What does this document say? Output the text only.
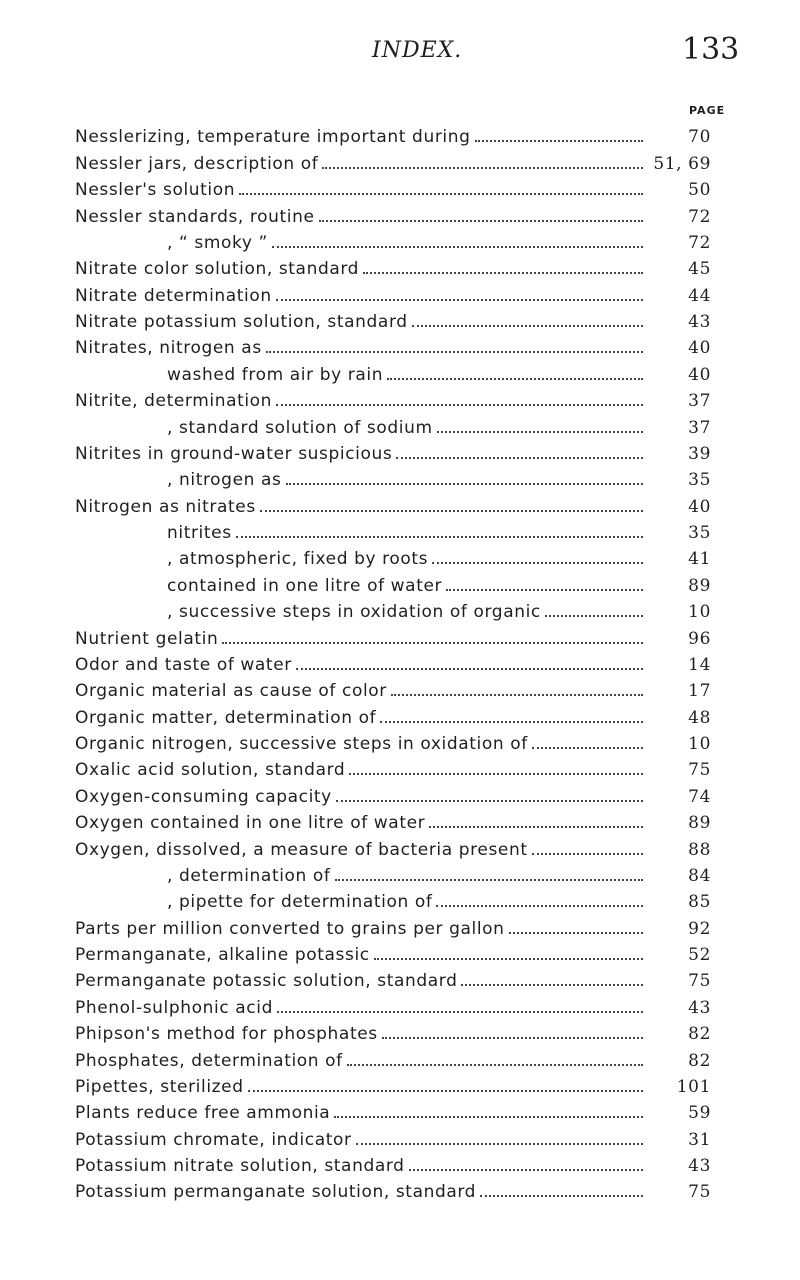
INDEX.	133
PAGE
Nesslerizing, temperature important during	70
Nessler jars, description of	51, 69
Nessler's solution	50
Nessler standards, routine	72
, “ smoky ”	72
Nitrate color solution, standard	45
Nitrate determination	44
Nitrate potassium solution, standard	43
Nitrates, nitrogen as	40
washed from air by rain	40
Nitrite, determination	37
, standard solution of sodium	37
Nitrites in ground-water suspicious	39
, nitrogen as	35
Nitrogen as nitrates	40
nitrites	35
, atmospheric, fixed by roots	41
contained in one litre of water	89
, successive steps in oxidation of organic	10
Nutrient gelatin	96
Odor and taste of water	14
Organic material as cause of color	17
Organic matter, determination of	48
Organic nitrogen, successive steps in oxidation of	10
Oxalic acid solution, standard	75
Oxygen-consuming capacity	74
Oxygen contained in one litre of water	89
Oxygen, dissolved, a measure of bacteria present	88
, determination of	84
, pipette for determination of	85
Parts per million converted to grains per gallon	92
Permanganate, alkaline potassic	52
Permanganate potassic solution, standard	75
Phenol-sulphonic acid	43
Phipson's method for phosphates	82
Phosphates, determination of	82
Pipettes, sterilized	101
Plants reduce free ammonia	59
Potassium chromate, indicator	31
Potassium nitrate solution, standard	43
Potassium permanganate solution, standard	75
